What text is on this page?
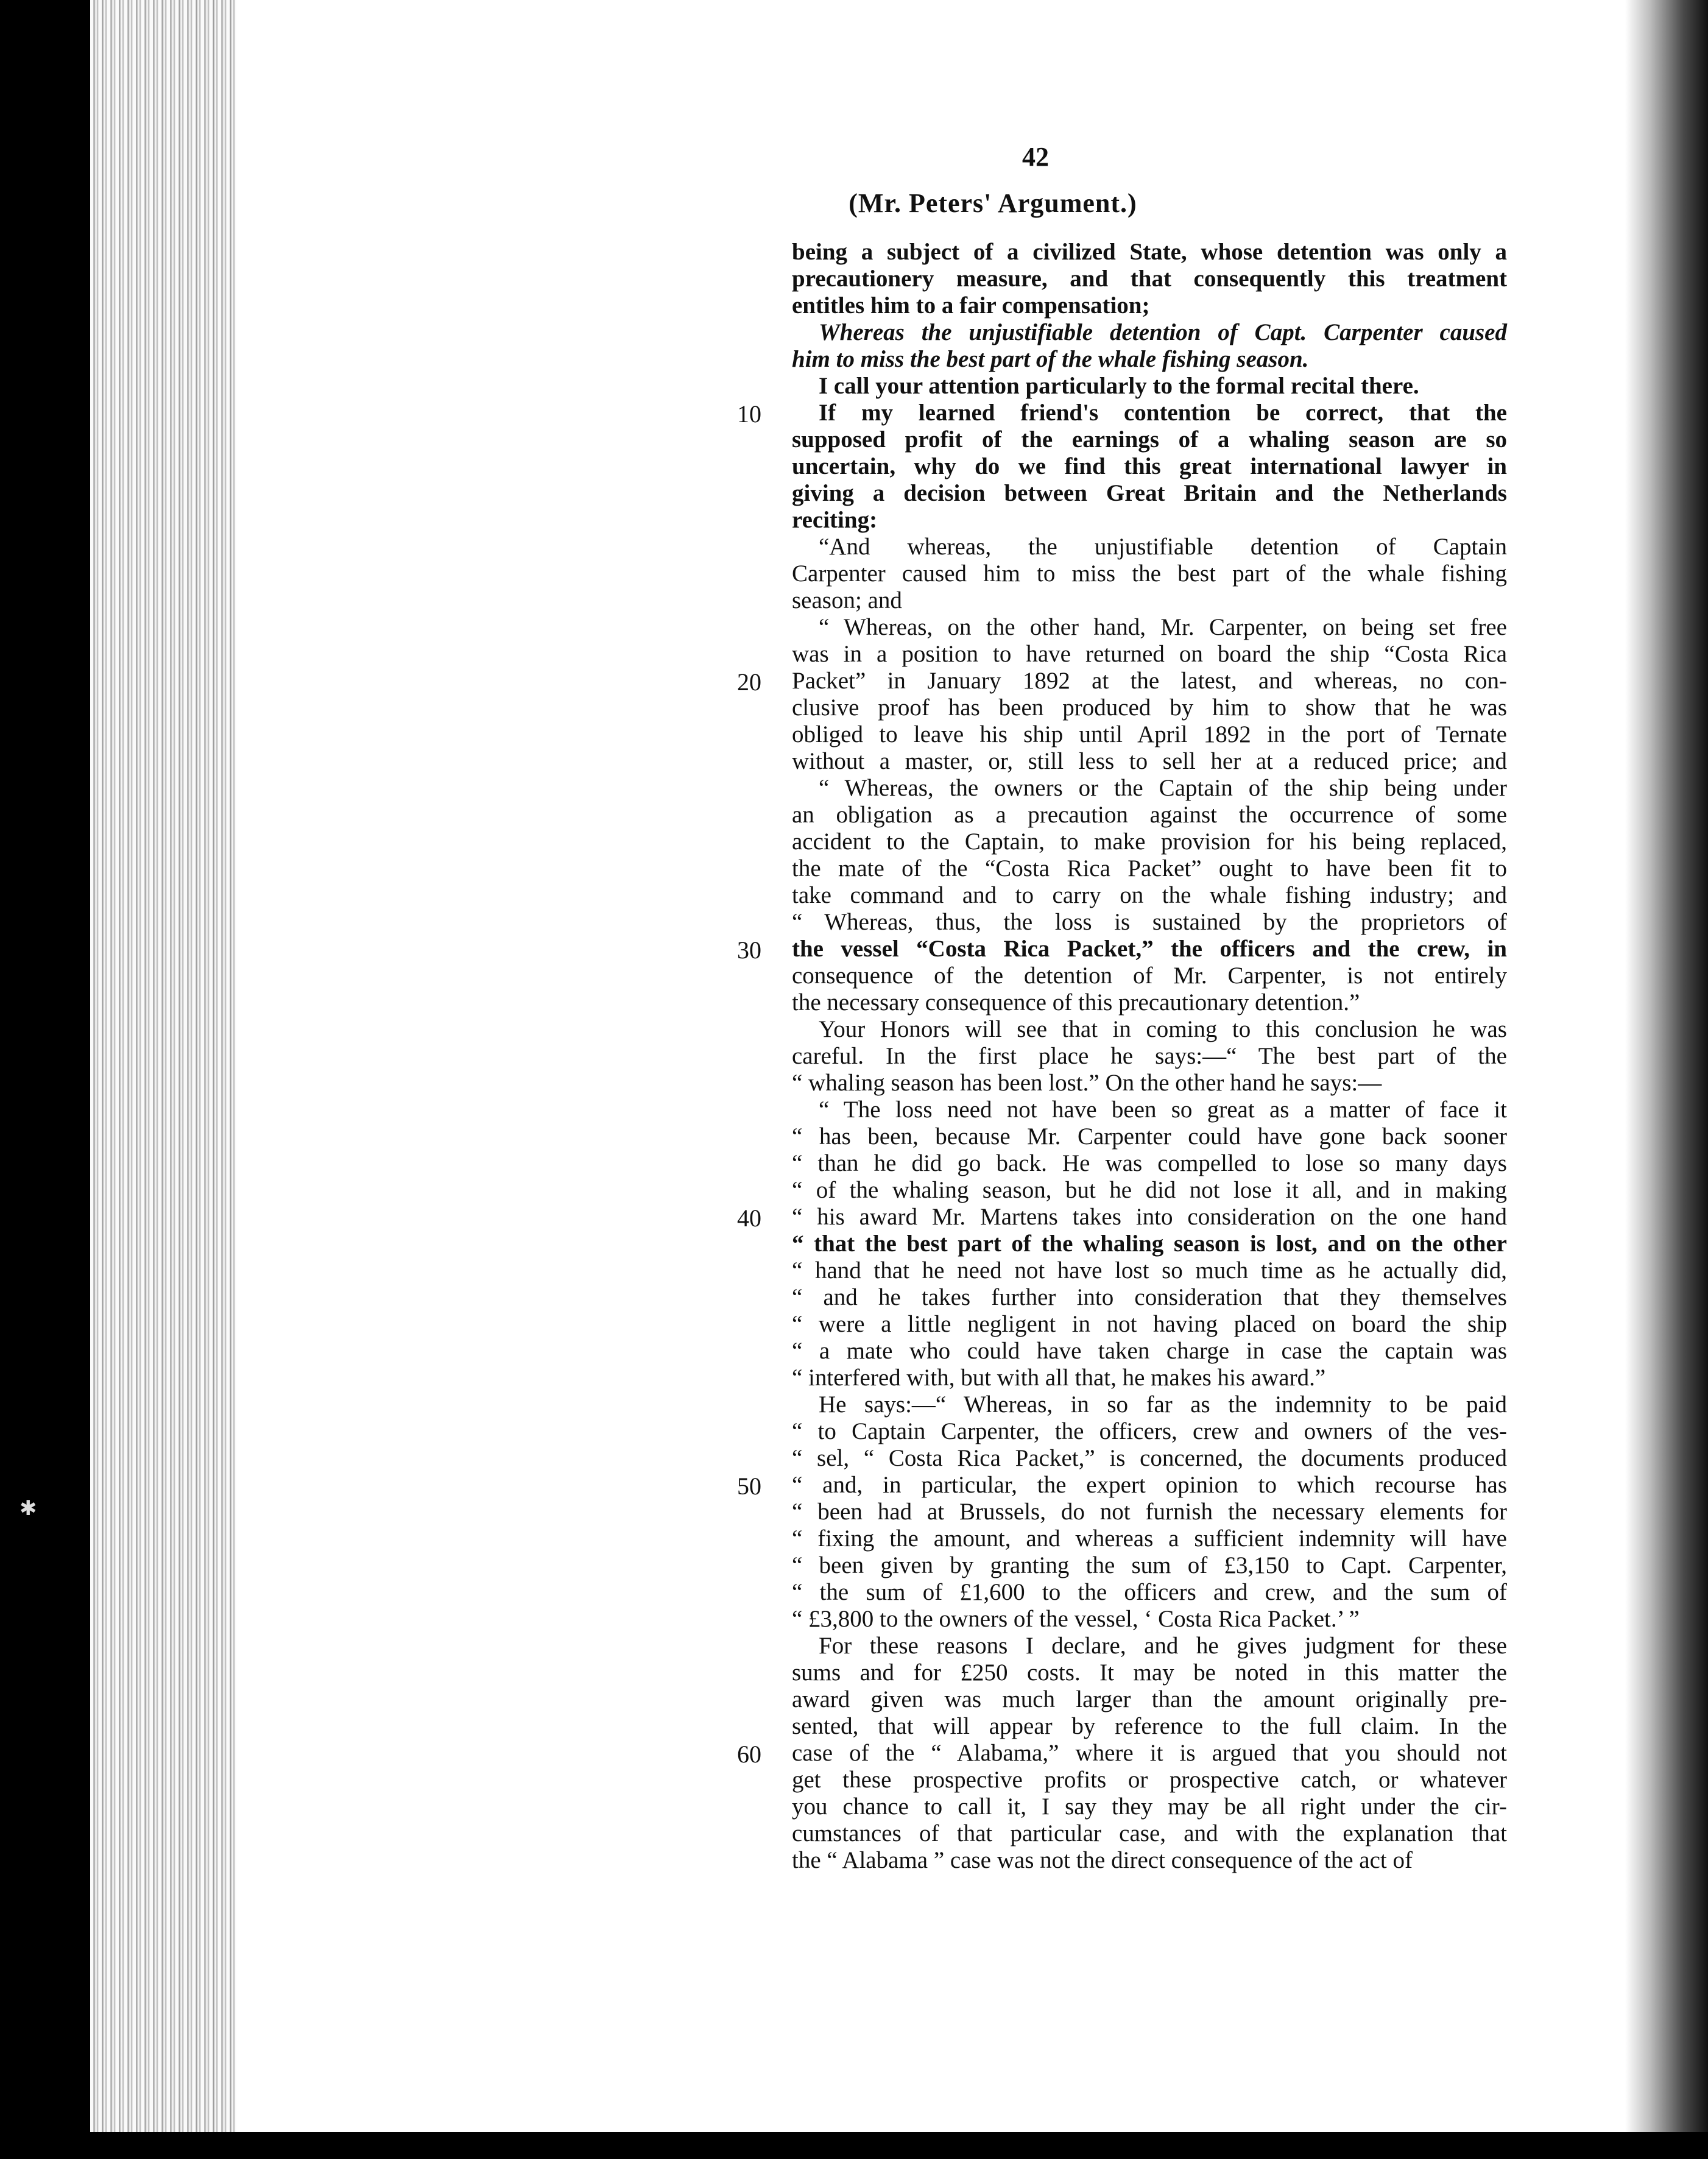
✱
42
(Mr. Peters' Argument.)
10
20
30
40
50
60
being a subject of a civilized State, whose detention was only a
precautionery measure, and that consequently this treatment
entitles him to a fair compensation;
Whereas the unjustifiable detention of Capt. Carpenter caused
him to miss the best part of the whale fishing season.
I call your attention particularly to the formal recital there.
If my learned friend's contention be correct, that the
supposed profit of the earnings of a whaling season are so
uncertain, why do we find this great international lawyer in
giving a decision between Great Britain and the Netherlands
reciting:
“And whereas, the unjustifiable detention of Captain
Carpenter caused him to miss the best part of the whale fishing
season; and
“ Whereas, on the other hand, Mr. Carpenter, on being set free
was in a position to have returned on board the ship “Costa Rica
Packet” in January 1892 at the latest, and whereas, no con-
clusive proof has been produced by him to show that he was
obliged to leave his ship until April 1892 in the port of Ternate
without a master, or, still less to sell her at a reduced price; and
“ Whereas, the owners or the Captain of the ship being under
an obligation as a precaution against the occurrence of some
accident to the Captain, to make provision for his being replaced,
the mate of the “Costa Rica Packet” ought to have been fit to
take command and to carry on the whale fishing industry; and
“ Whereas, thus, the loss is sustained by the proprietors of
the vessel “Costa Rica Packet,” the officers and the crew, in
consequence of the detention of Mr. Carpenter, is not entirely
the necessary consequence of this precautionary detention.”
Your Honors will see that in coming to this conclusion he was
careful. In the first place he says:—“ The best part of the
“ whaling season has been lost.” On the other hand he says:—
“ The loss need not have been so great as a matter of face it
“ has been, because Mr. Carpenter could have gone back sooner
“ than he did go back. He was compelled to lose so many days
“ of the whaling season, but he did not lose it all, and in making
“ his award Mr. Martens takes into consideration on the one hand
“ that the best part of the whaling season is lost, and on the other
“ hand that he need not have lost so much time as he actually did,
“ and he takes further into consideration that they themselves
“ were a little negligent in not having placed on board the ship
“ a mate who could have taken charge in case the captain was
“ interfered with, but with all that, he makes his award.”
He says:—“ Whereas, in so far as the indemnity to be paid
“ to Captain Carpenter, the officers, crew and owners of the ves-
“ sel, “ Costa Rica Packet,” is concerned, the documents produced
“ and, in particular, the expert opinion to which recourse has
“ been had at Brussels, do not furnish the necessary elements for
“ fixing the amount, and whereas a sufficient indemnity will have
“ been given by granting the sum of £3,150 to Capt. Carpenter,
“ the sum of £1,600 to the officers and crew, and the sum of
“ £3,800 to the owners of the vessel, ‘ Costa Rica Packet.’ ”
For these reasons I declare, and he gives judgment for these
sums and for £250 costs. It may be noted in this matter the
award given was much larger than the amount originally pre-
sented, that will appear by reference to the full claim. In the
case of the “ Alabama,” where it is argued that you should not
get these prospective profits or prospective catch, or whatever
you chance to call it, I say they may be all right under the cir-
cumstances of that particular case, and with the explanation that
the “ Alabama ” case was not the direct consequence of the act of
